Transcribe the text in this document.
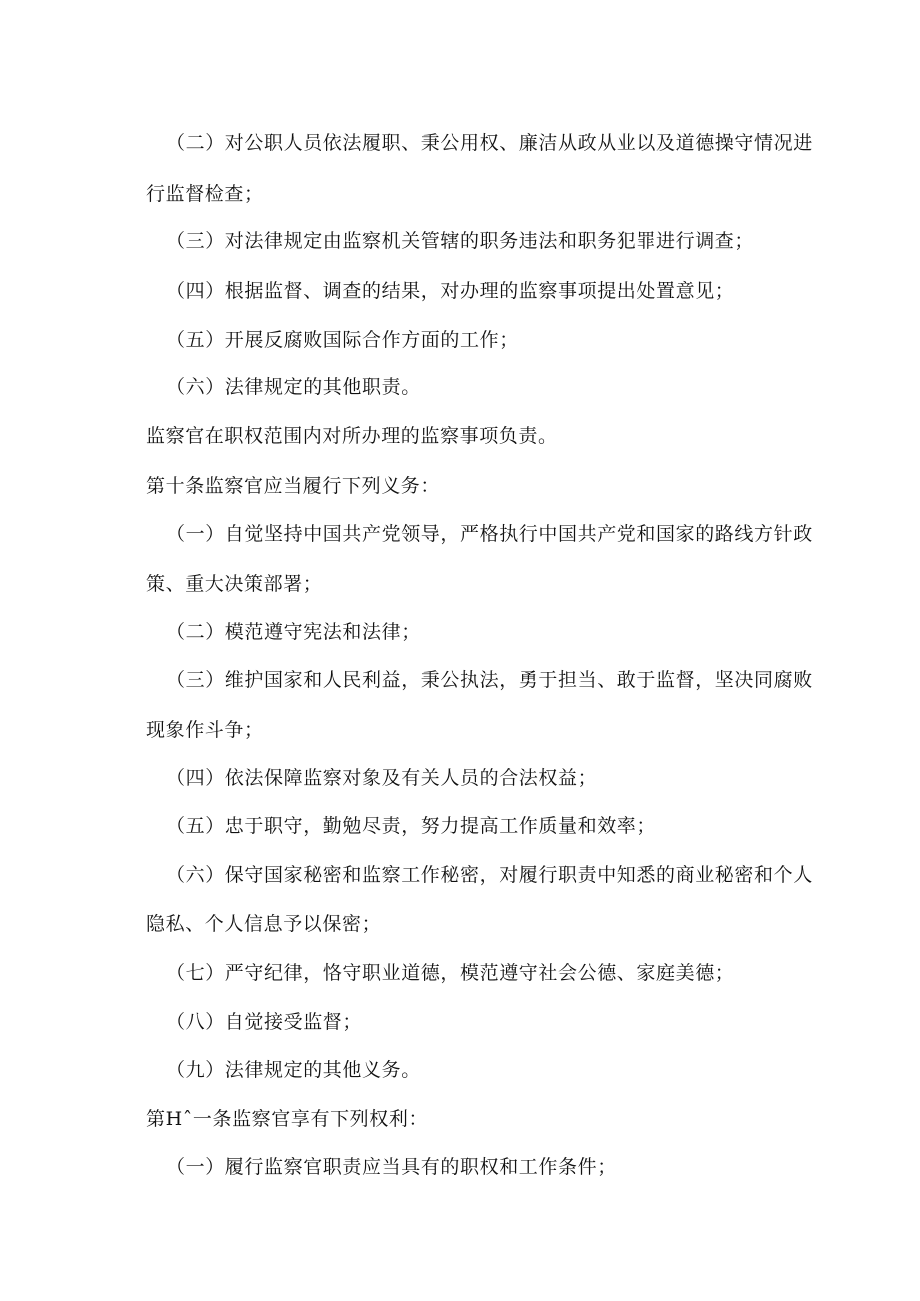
（二）对公职人员依法履职、秉公用权、廉洁从政从业以及道德操守情况进
行监督检查；
（三）对法律规定由监察机关管辖的职务违法和职务犯罪进行调查；
（四）根据监督、调查的结果，对办理的监察事项提出处置意见；
（五）开展反腐败国际合作方面的工作；
（六）法律规定的其他职责。
监察官在职权范围内对所办理的监察事项负责。
第十条监察官应当履行下列义务：
（一）自觉坚持中国共产党领导，严格执行中国共产党和国家的路线方针政
策、重大决策部署；
（二）模范遵守宪法和法律；
（三）维护国家和人民利益，秉公执法，勇于担当、敢于监督，坚决同腐败
现象作斗争；
（四）依法保障监察对象及有关人员的合法权益；
（五）忠于职守，勤勉尽责，努力提高工作质量和效率；
（六）保守国家秘密和监察工作秘密，对履行职责中知悉的商业秘密和个人
隐私、个人信息予以保密；
（七）严守纪律，恪守职业道德，模范遵守社会公德、家庭美德；
（八）自觉接受监督；
（九）法律规定的其他义务。
第Hˆ一条监察官享有下列权利：
（一）履行监察官职责应当具有的职权和工作条件；
